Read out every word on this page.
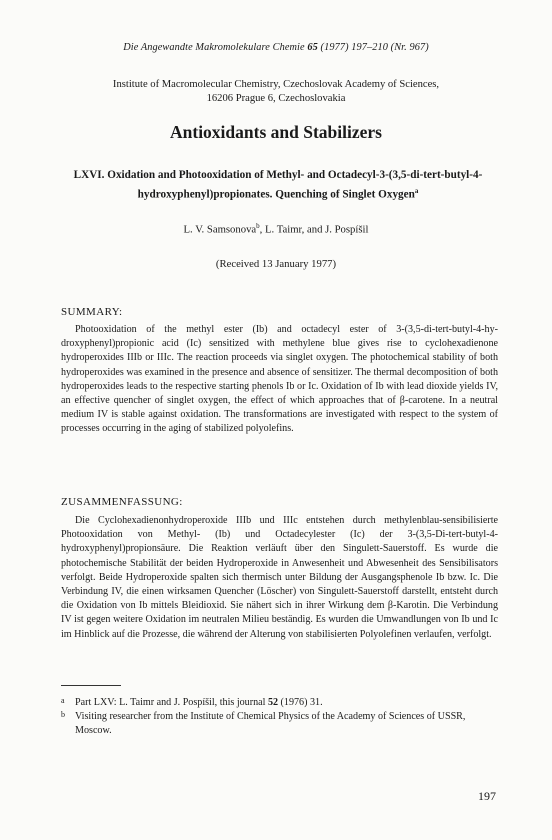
Die Angewandte Makromolekulare Chemie 65 (1977) 197–210 (Nr. 967)
Institute of Macromolecular Chemistry, Czechoslovak Academy of Sciences,
16206 Prague 6, Czechoslovakia
Antioxidants and Stabilizers
LXVI. Oxidation and Photooxidation of Methyl- and Octadecyl-3-(3,5-di-tert-butyl-4-hydroxyphenyl)propionates. Quenching of Singlet Oxygen$^a$
L. V. Samsonova$^b$, L. Taimr, and J. Pospíšil
(Received 13 January 1977)
SUMMARY:
Photooxidation of the methyl ester (Ib) and octadecyl ester of 3-(3,5-di-tert-butyl-4-hydroxyphenyl)propionic acid (Ic) sensitized with methylene blue gives rise to cyclohexadienone hydroperoxides IIIb or IIIc. The reaction proceeds via singlet oxygen. The photochemical stability of both hydroperoxides was examined in the presence and absence of sensitizer. The thermal decomposition of both hydroperoxides leads to the respective starting phenols Ib or Ic. Oxidation of Ib with lead dioxide yields IV, an effective quencher of singlet oxygen, the effect of which approaches that of β-carotene. In a neutral medium IV is stable against oxidation. The transformations are investigated with respect to the system of processes occurring in the aging of stabilized polyolefins.
ZUSAMMENFASSUNG:
Die Cyclohexadienonhydroperoxide IIIb und IIIc entstehen durch methylenblau-sensibilisierte Photooxidation von Methyl- (Ib) und Octadecylester (Ic) der 3-(3,5-Di-tert-butyl-4-hydroxyphenyl)propionsäure. Die Reaktion verläuft über den Singulett-Sauerstoff. Es wurde die photochemische Stabilität der beiden Hydroperoxide in Anwesenheit und Abwesenheit des Sensibilisators verfolgt. Beide Hydroperoxide spalten sich thermisch unter Bildung der Ausgangsphenole Ib bzw. Ic. Die Verbindung IV, die einen wirksamen Quencher (Löscher) von Singulett-Sauerstoff darstellt, entsteht durch die Oxidation von Ib mittels Bleidioxid. Sie nähert sich in ihrer Wirkung dem β-Karotin. Die Verbindung IV ist gegen weitere Oxidation im neutralen Milieu beständig. Es wurden die Umwandlungen von Ib und Ic im Hinblick auf die Prozesse, die während der Alterung von stabilisierten Polyolefinen verlaufen, verfolgt.

a Part LXV: L. Taimr and J. Pospíšil, this journal 52 (1976) 31.

b Visiting researcher from the Institute of Chemical Physics of the Academy of Sciences of USSR, Moscow.

197
